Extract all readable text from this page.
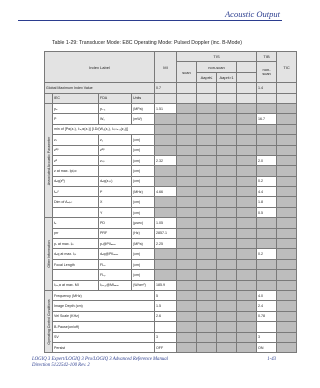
Acoustic Output
Table 1-29: Transducer Mode: E8C Operating Mode: Pulsed Doppler (inc. B-Mode)
Index Label				MI	TIS				TIB	TIC
					scan	non-scan			non-
scan	
						Aaprt≤	Aaprt>1			
Global Maximum Index Value				0.7					1.4	
	IEC	FDA	Units							

Associated Acoustic Parameter	pₐ	pᵣ.₃	(MPa)	1.51						
	P	W₀	(mW)						16.7	
	min of [Pα(zₛ), Iₜₐ,α(zₛ)] [I.D/(W₃(z₁), Iₛₚₜₐ.₃(z₁))]									
	zₛ	z₁	(cm)							
	zᵇᵖ	zᵇᵖ	(cm)							
	zᵇ	zₛₚ	(cm)	2.32					2.0	
	z at max. Ipi,α		(cm)							
	dₑq(zᵇ)	dₑq(zₛₚ)	(cm)						0.2	
	fₐₓᶜ	fᶜ	(MHz)	4.66					4.4	
	Dim of Aₐₚᵣₜ	X	(cm)						1.8	
		Y	(cm)						0.5	

Other Information	tₑ	PD	(µsec)	1.05						
	prr	PRF	(Hz)	2857.1						
	pᵣ at max. Iₚᵢ	pᵣ@PIIₘₐₓ	(MPa)	2.25						
	dₑq at max. Iₚᵢ	dₑq@PIIₘₐₓ	(cm)						0.2	
	Focal Length	FLₓ	(cm)							
		FLᵧ	(cm)							
	Iₚₐ,α at max. MI	Iₚₐ,₃@MIₘₐₓ	(W/cm²)	185.9						

Operating Control Conditions	Frequency (MHz)			5					4.0	
	Image Depth (cm)			1.5					2.4	
	Vel Scale (KHz)			2.6					0.78	
	B-Pause(on/off)									
	SV			3					3	
	Persist			OFF					ON	
LOGIQ 3 Expert/LOGIQ 3 Pro/LOGIQ 3 Advanced Reference Manual
Direction 5122542-100 Rev. 2
1-43
